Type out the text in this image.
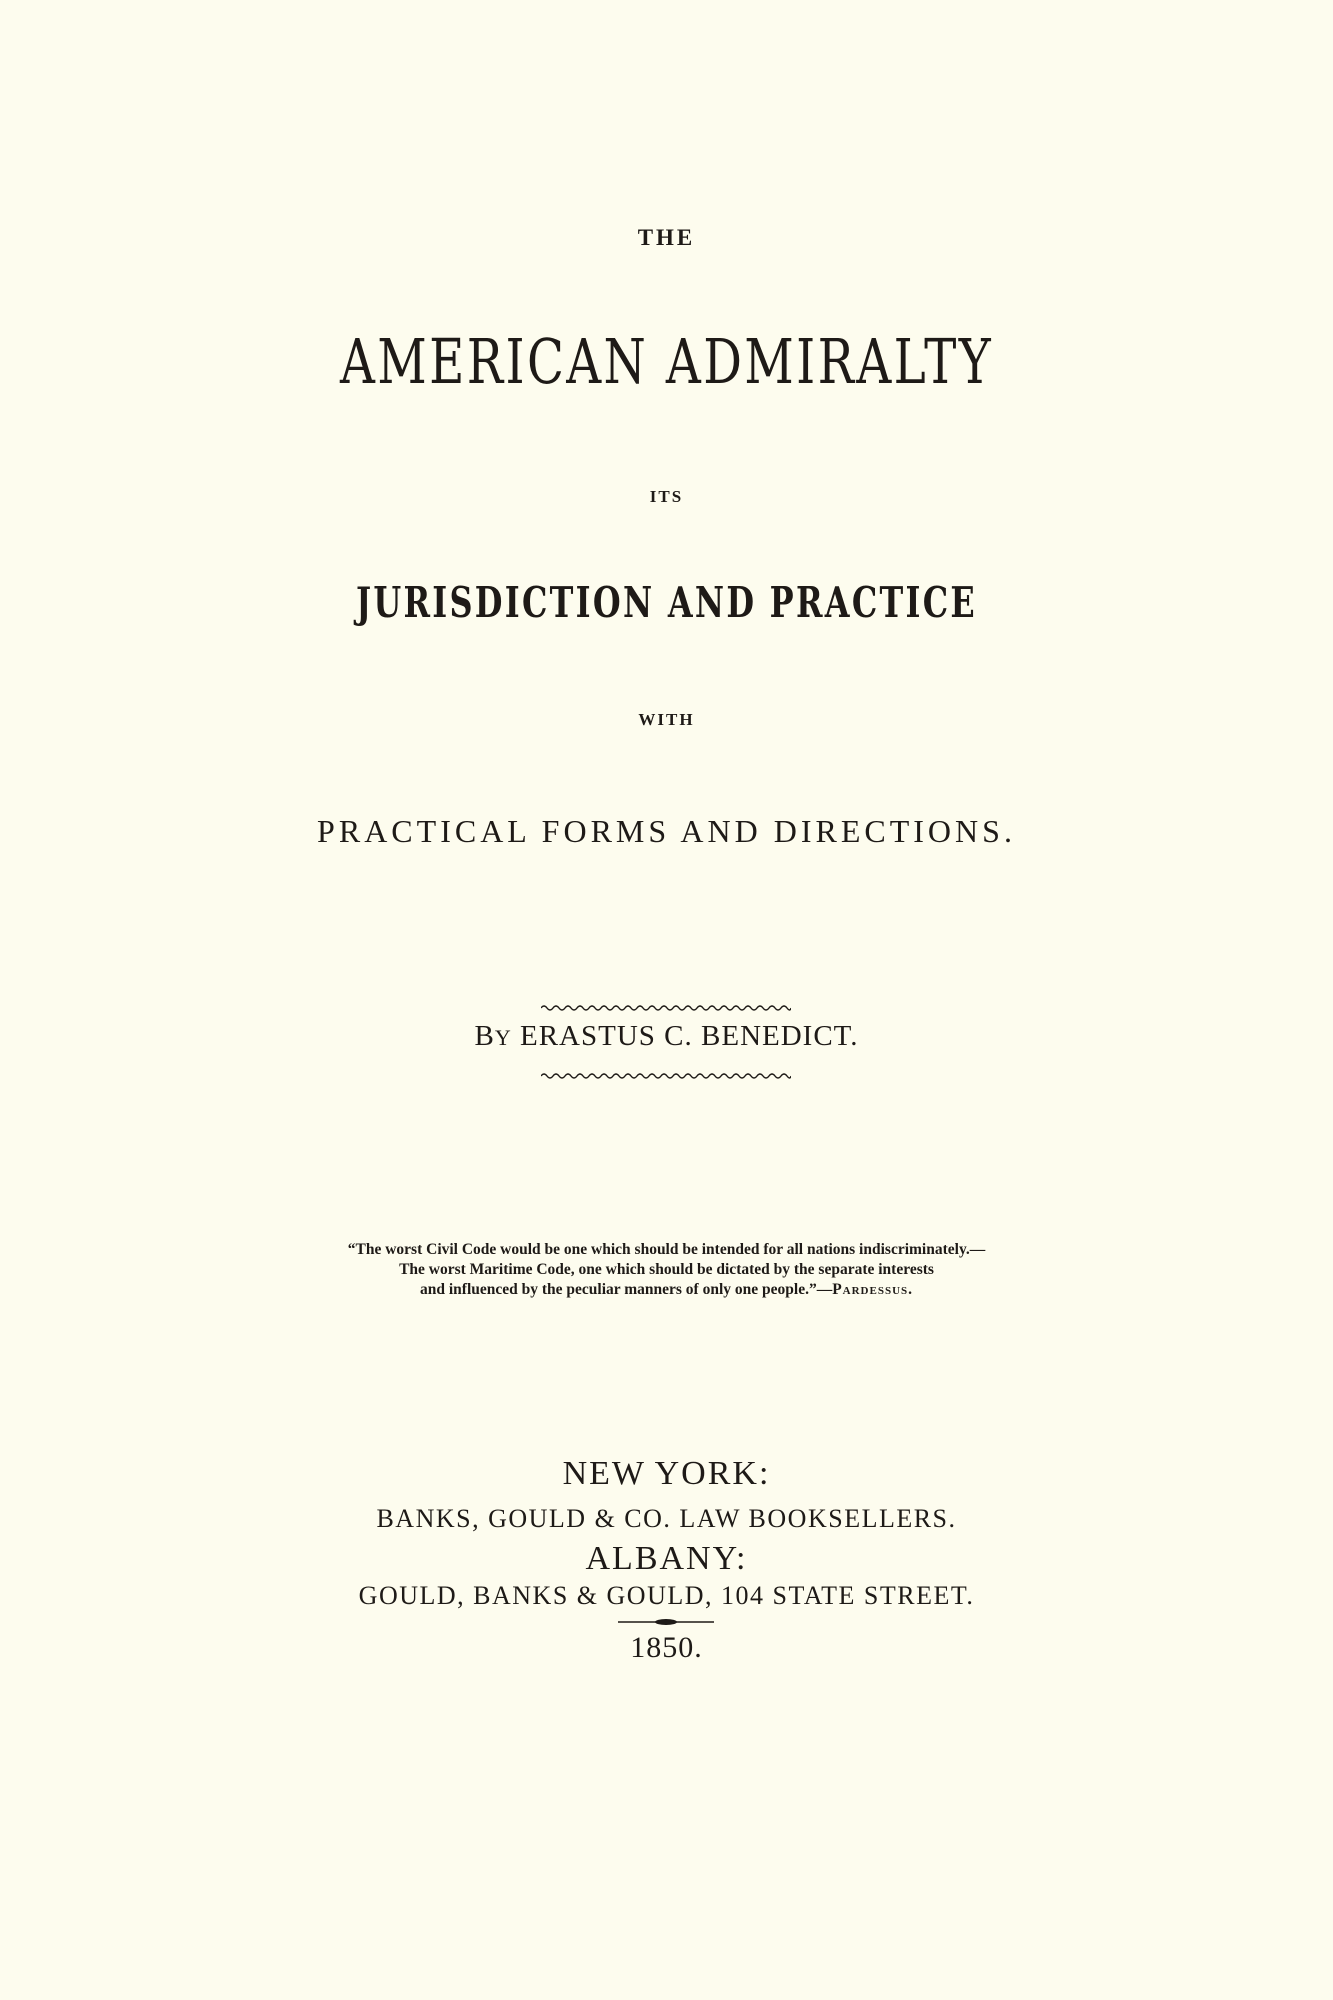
THE
AMERICAN ADMIRALTY
ITS
JURISDICTION AND PRACTICE
WITH
PRACTICAL FORMS AND DIRECTIONS.
BY ERASTUS C. BENEDICT.
“The worst Civil Code would be one which should be intended for all nations indiscriminately.—
The worst Maritime Code, one which should be dictated by the separate interests
and influenced by the peculiar manners of only one people.”—Pardessus.
NEW YORK:
BANKS, GOULD & CO. LAW BOOKSELLERS.
ALBANY:
GOULD, BANKS & GOULD, 104 STATE STREET.
1850.
